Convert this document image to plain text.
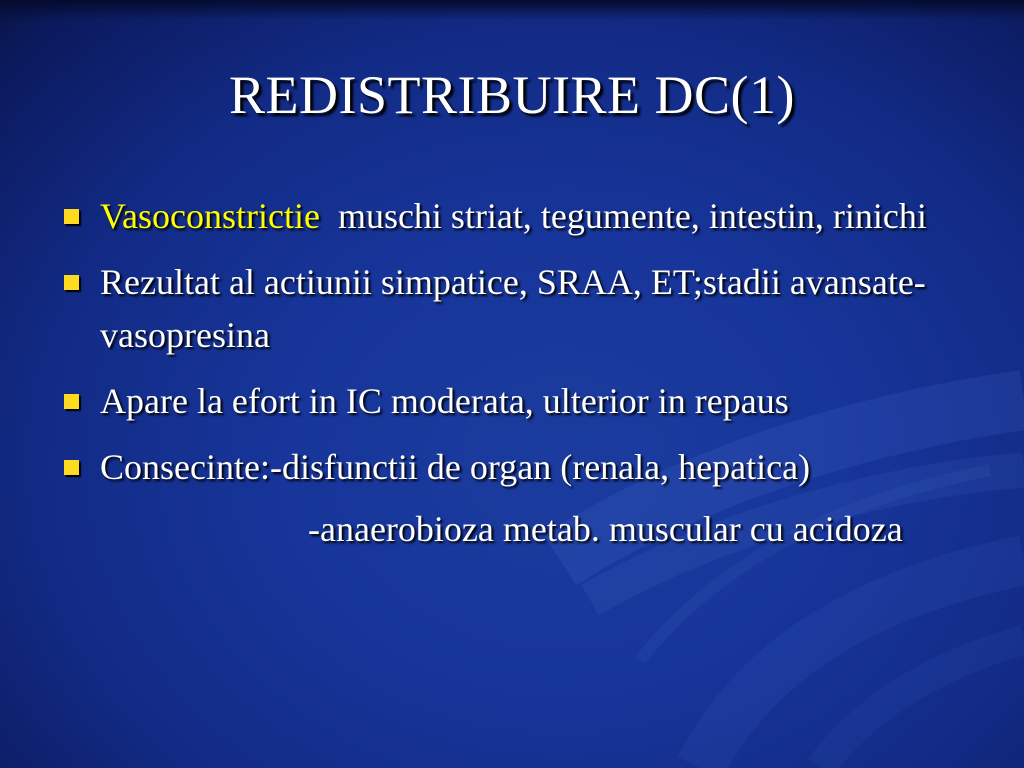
REDISTRIBUIRE DC(1)
Vasoconstrictie  muschi striat, tegumente, intestin, rinichi
Rezultat al actiunii simpatice, SRAA, ET;stadii avansate-vasopresina
Apare la efort in IC moderata, ulterior in repaus
Consecinte:-disfunctii de organ (renala, hepatica)
-anaerobioza metab. muscular cu acidoza
